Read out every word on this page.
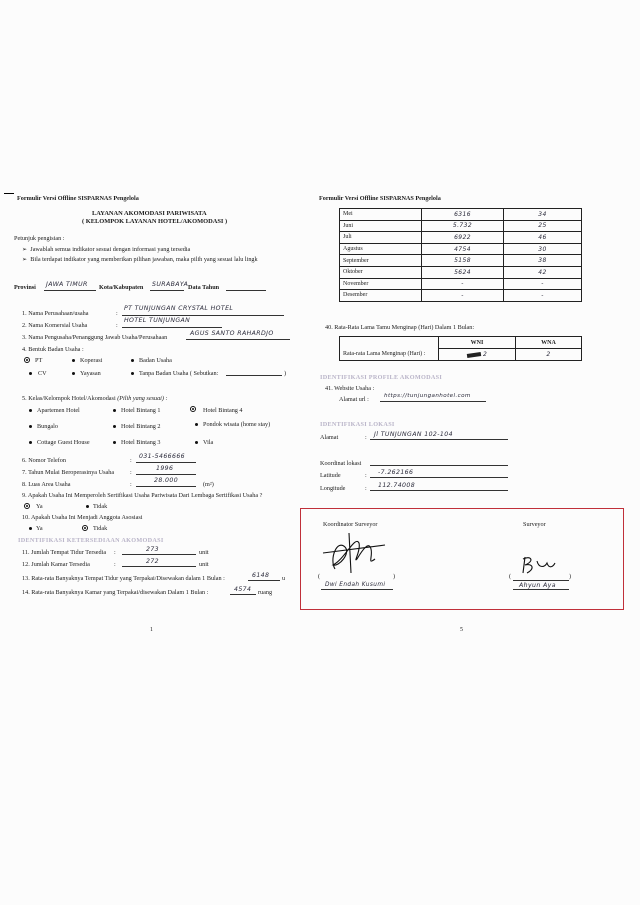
Formulir Versi Offline SISPARNAS Pengelola
LAYANAN AKOMODASI PARIWISATA
( KELOMPOK LAYANAN HOTEL/AKOMODASI )
Petunjuk pengisian :
➢ Jawablah semua indikator sesuai dengan informasi yang tersedia
➢ Bila terdapat indikator yang memberikan pilihan jawaban, maka pilih yang sesuai lalu lingk
Provinsi JAWA TIMUR Kota/Kabupaten SURABAYA Data Tahun
1. Nama Perusahaan/usaha	:
PT TUNJUNGAN CRYSTAL HOTEL
2. Nama Komersial Usaha	:
HOTEL TUNJUNGAN
3. Nama Pengusaha/Penanggung Jawab Usaha/Perusahaan
AGUS SANTO RAHARDJO
4. Bentuk Badan Usaha :
PT	Koperasi	Badan Usaha
CV	Yayasan	Tanpa Badan Usaha ( Sebutkan:	)
5. Kelas/Kelompok Hotel/Akomodasi (Pilih yang sesuai) :
Apartemen Hotel	Hotel Bintang 1	Hotel Bintang 4
Bungalo	Hotel Bintang 2	Pondok wisata (home stay)
Cottage Guest House	Hotel Bintang 3	Vila
6. Nomor Telefon	:
031-5466666
7. Tahun Mulai Beroperasinya Usaha	:
1996
8. Luas Area Usaha	:
28.000
(m²)
9. Apakah Usaha Ini Memperoleh Sertifikasi Usaha Pariwisata Dari Lembaga Sertifikasi Usaha ?
Ya	Tidak
10. Apakah Usaha Ini Menjadi Anggota Asosiasi
Ya	Tidak
IDENTIFIKASI KETERSEDIAAN AKOMODASI
11. Jumlah Tempat Tidur Tersedia :	273	unit
12. Jumlah Kamar Tersedia	:	272	unit
13. Rata-rata Banyaknya Tempat Tidur yang Terpakai/Disewakan dalam 1 Bulan :	6148 u
14. Rata-rata Banyaknya Kamar yang Terpakai/disewakan Dalam 1 Bulan :	4574 ruang
1
Formulir Versi Offline SISPARNAS Pengelola
Mei	6316	34
Juni	5.732	25
Juli	6922	46
Agustus	4754	30
September	5158	38
Oktober	5624	42
November	-	-
Desember	-	-
40. Rata-Rata Lama Tamu Menginap (Hari) Dalam 1 Bulan:
	WNI	WNA
Rata-rata Lama Menginap (Hari) :	2	2
IDENTIFIKASI PROFILE AKOMODASI
41. Website Usaha :
Alamat url :	https://tunjunganhotel.com
IDENTIFIKASI LOKASI
Alamat	: Jl TUNJUNGAN 102-104
Koordinat lokasi
Latitude	: -7.262166
Longitude	: 112.74008
Koordinator Surveyor	Surveyor
(	)
Dwi Endah Kusumi
(	)
Ahyun Aya
5
